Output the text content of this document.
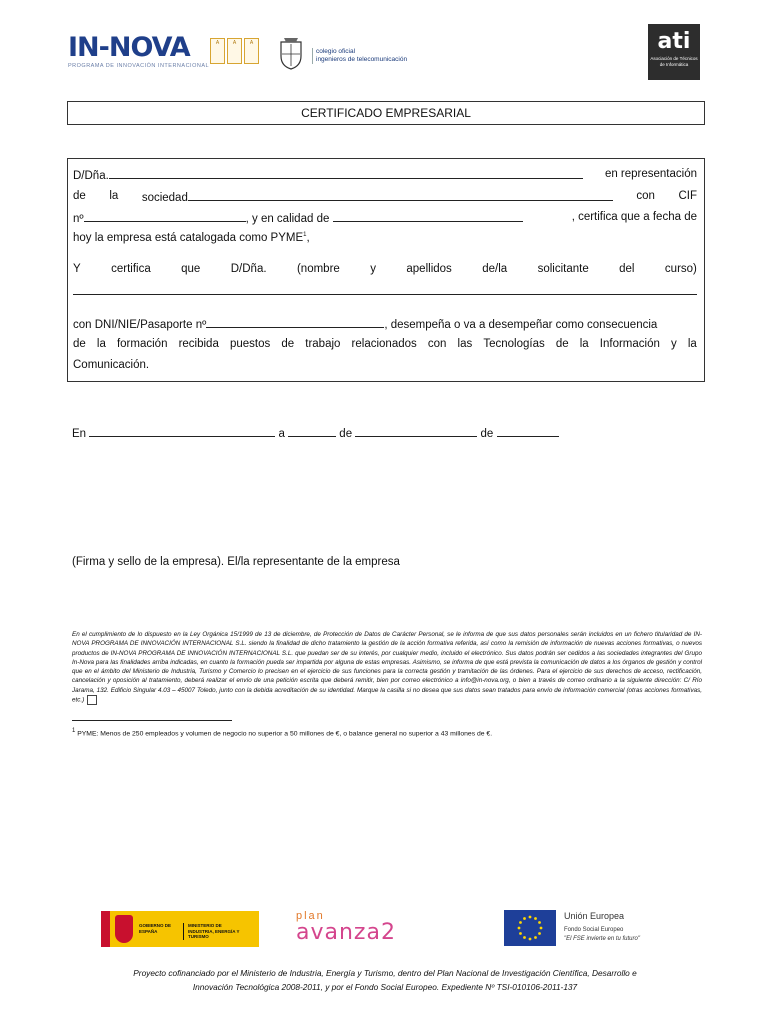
IN-NOVA
PROGRAMA DE INNOVACIÓN INTERNACIONAL
A	A	A
colegio oficial
ingenieros de telecomunicación
ati
Asociación de Técnicos de Informática
CERTIFICADO EMPRESARIAL
D/Dña.	en representación
de la sociedad	con CIF
nº	, y en calidad de	, certifica que a fecha de
hoy la empresa está catalogada como PYME$^1$,
Y	certifica	que	D/Dña.	(nombre	y	apellidos	de/la	solicitante	del	curso)
con DNI/NIE/Pasaporte nº	, desempeña o va a desempeñar como consecuencia
de la formación recibida puestos de trabajo relacionados con las Tecnologías de la Información y la
Comunicación.
En	a	de	de
(Firma y sello de la empresa). El/la representante de la empresa
En el cumplimiento de lo dispuesto en la Ley Orgánica 15/1999 de 13 de diciembre, de Protección de Datos de Carácter Personal, se le informa de que sus datos personales serán incluidos en un fichero titularidad de IN-NOVA PROGRAMA DE INNOVACIÓN INTERNACIONAL S.L. siendo la finalidad de dicho tratamiento la gestión de la acción formativa referida, así como la remisión de información de nuevas acciones formativas, o nuevos productos de IN-NOVA PROGRAMA DE INNOVACIÓN INTERNACIONAL S.L. que puedan ser de su interés, por cualquier medio, incluido el electrónico. Sus datos podrán ser cedidos a las sociedades integrantes del Grupo In-Nova para las finalidades arriba indicadas, en cuanto la formación pueda ser impartida por alguna de estas empresas. Asimismo, se informa de que está prevista la comunicación de datos a los órganos de gestión y control que en el ámbito del Ministerio de Industria, Turismo y Comercio lo precisen en el ejercicio de sus funciones para la correcta gestión y tramitación de las órdenes. Para el ejercicio de sus derechos de acceso, rectificación, cancelación y oposición al tratamiento, deberá realizar el envío de una petición escrita que deberá remitir, bien por correo electrónico a info@in-nova.org, o bien a través de correo ordinario a la siguiente dirección: C/ Río Jarama, 132. Edificio Singular 4.03 – 45007 Toledo, junto con la debida acreditación de su identidad. Marque la casilla si no desea que sus datos sean tratados para envío de información comercial (otras acciones formativas, etc.)
$^1$ PYME: Menos de 250 empleados y volumen de negocio no superior a 50 millones de €, o balance general no superior a 43 millones de €.
GOBIERNO DE ESPAÑA
MINISTERIO DE INDUSTRIA, ENERGÍA Y TURISMO
plan
avanza2
Unión Europea
Fondo Social Europeo
"El FSE invierte en tu futuro"
Proyecto cofinanciado por el Ministerio de Industria, Energía y Turismo, dentro del Plan Nacional de Investigación Científica, Desarrollo e
Innovación Tecnológica 2008-2011, y por el Fondo Social Europeo. Expediente Nº TSI-010106-2011-137
